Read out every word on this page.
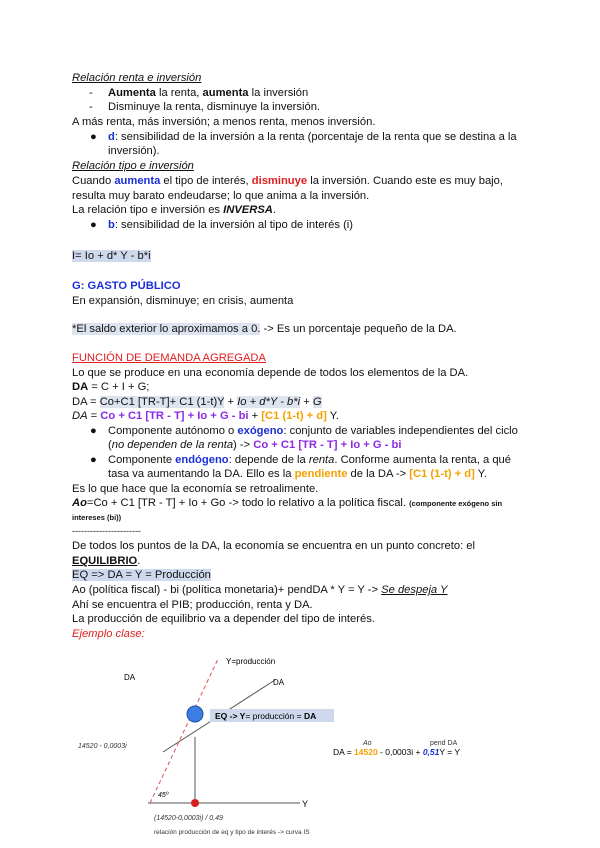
Relación renta e inversión
- Aumenta la renta, aumenta la inversión
- Disminuye la renta, disminuye la inversión.
A más renta, más inversión; a menos renta, menos inversión.
● d: sensibilidad de la inversión a la renta (porcentaje de la renta que se destina a la
inversión).
Relación tipo e inversión
Cuando aumenta el tipo de interés, disminuye la inversión. Cuando este es muy bajo,
resulta muy barato endeudarse; lo que anima a la inversión.
La relación tipo e inversión es INVERSA.
● b: sensibilidad de la inversión al tipo de interés (i)
I= Io + d* Y - b*i
G: GASTO PÚBLICO
En expansión, disminuye; en crisis, aumenta
*El saldo exterior lo aproximamos a 0. -> Es un porcentaje pequeño de la DA.
FUNCIÓN DE DEMANDA AGREGADA
Lo que se produce en una economía depende de todos los elementos de la DA.
DA = C + I + G;
DA = Co+C1 [TR-T]+ C1 (1-t)Y + Io + d*Y - b*i + G
DA = Co + C1 [TR - T] + Io + G - bi + [C1 (1-t) + d] Y.
● Componente autónomo o exógeno: conjunto de variables independientes del ciclo
(no dependen de la renta) -> Co + C1 [TR - T] + Io + G - bi
● Componente endógeno: depende de la renta. Conforme aumenta la renta, a qué
tasa va aumentando la DA. Ello es la pendiente de la DA -> [C1 (1-t) + d] Y.
Es lo que hace que la economía se retroalimente.
Ao=Co + C1 [TR - T] + Io + Go -> todo lo relativo a la política fiscal. (componente exógeno sin
intereses (bi))
-----------------------
De todos los puntos de la DA, la economía se encuentra en un punto concreto: el
EQUILIBRIO.
EQ => DA = Y = Producción
Ao (política fiscal) - bi (política monetaria)+ pendDA * Y = Y -> Se despeja Y
Ahí se encuentra el PIB; producción, renta y DA.
La producción de equilibrio va a depender del tipo de interés.
Ejemplo clase:
EQ -> Y= producción = DA
Y=producción
DA
DA
14520 - 0,0003i
45º
Y
(14520-0,0003i) / 0,49
relación producción de eq y tipo de interés -> curva IS
Ao	pend DA
DA = 14520 - 0,0003i + 0,51Y = Y
